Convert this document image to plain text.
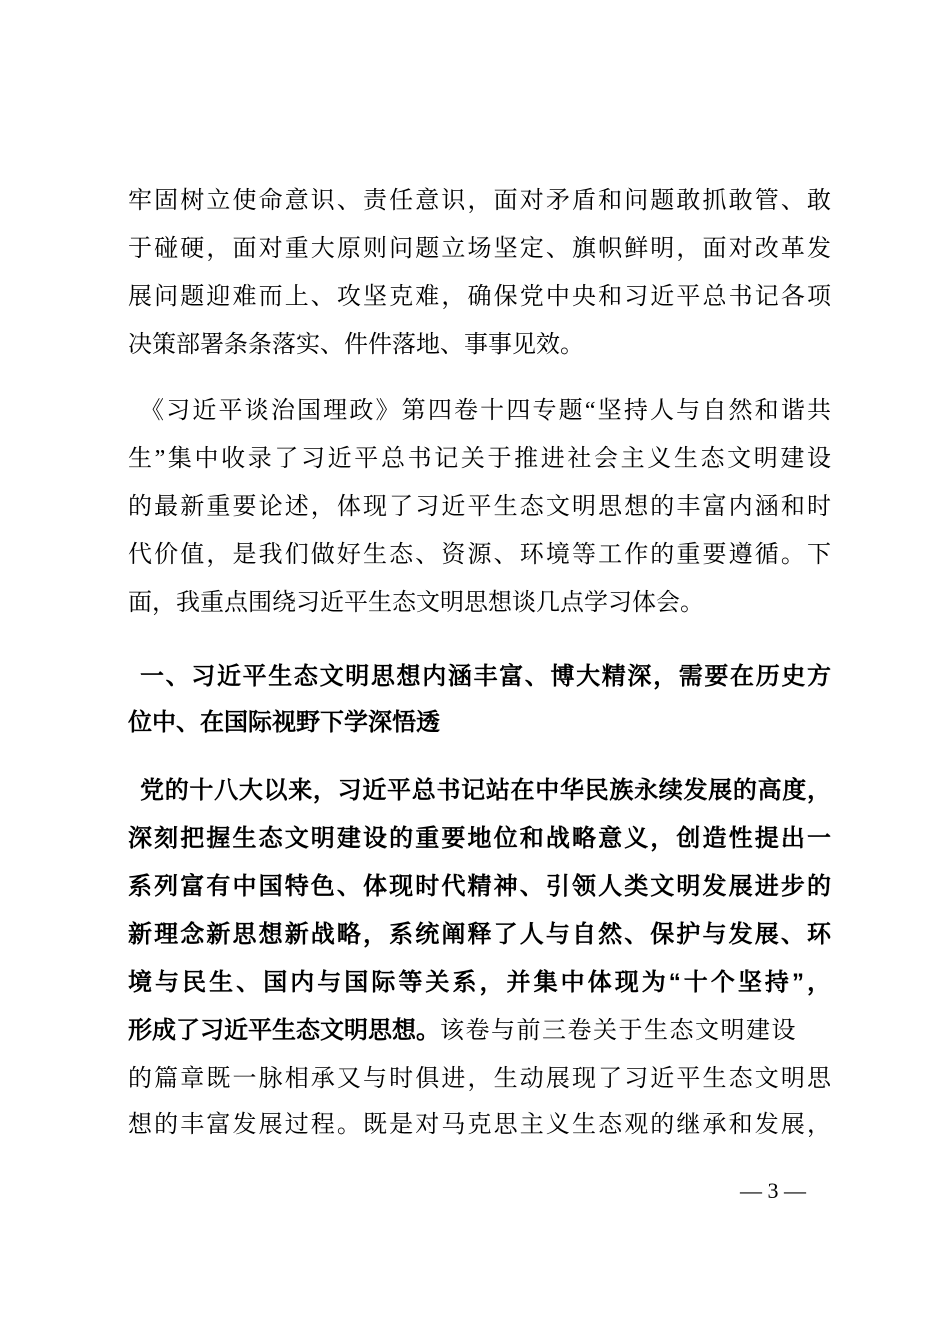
牢固树立使命意识、责任意识，面对矛盾和问题敢抓敢管、敢
于碰硬，面对重大原则问题立场坚定、旗帜鲜明，面对改革发
展问题迎难而上、攻坚克难，确保党中央和习近平总书记各项
决策部署条条落实、件件落地、事事见效。
《习近平谈治国理政》第四卷十四专题“坚持人与自然和谐共
生”集中收录了习近平总书记关于推进社会主义生态文明建设
的最新重要论述，体现了习近平生态文明思想的丰富内涵和时
代价值，是我们做好生态、资源、环境等工作的重要遵循。下
面，我重点围绕习近平生态文明思想谈几点学习体会。
一、习近平生态文明思想内涵丰富、博大精深，需要在历史方
位中、在国际视野下学深悟透
党的十八大以来，习近平总书记站在中华民族永续发展的高度，
深刻把握生态文明建设的重要地位和战略意义，创造性提出一
系列富有中国特色、体现时代精神、引领人类文明发展进步的
新理念新思想新战略，系统阐释了人与自然、保护与发展、环
境与民生、国内与国际等关系，并集中体现为“十个坚持”，
形成了习近平生态文明思想。该卷与前三卷关于生态文明建设
的篇章既一脉相承又与时俱进，生动展现了习近平生态文明思
想的丰富发展过程。既是对马克思主义生态观的继承和发展，
— 3 —
